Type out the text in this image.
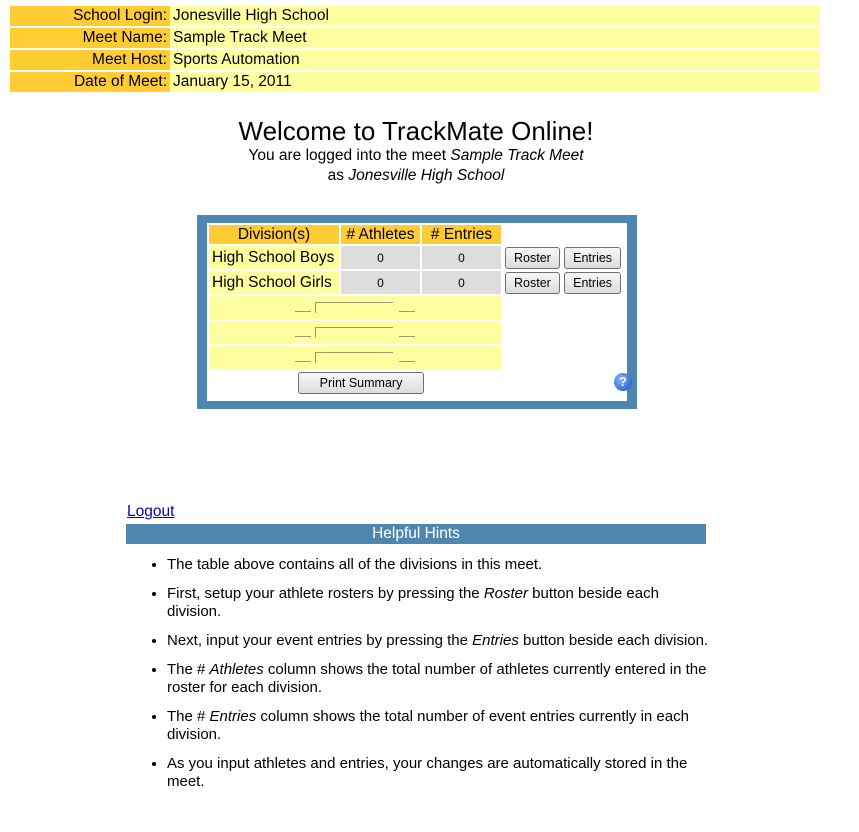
School Login:	Jonesville High School
Meet Name:	Sample Track Meet
Meet Host:	Sports Automation
Date of Meet:	January 15, 2011
Welcome to TrackMate Online!
You are logged into the meet Sample Track Meet
as Jonesville High School
Division(s)	# Athletes	# Entries	
High School Boys	0	0	Roster Entries
High School Girls	0	0	Roster Entries

Print Summary	?
Logout
Helpful Hints
• The table above contains all of the divisions in this meet.
• First, setup your athlete rosters by pressing the Roster button beside each division.
• Next, input your event entries by pressing the Entries button beside each division.
• The # Athletes column shows the total number of athletes currently entered in the roster for each division.
• The # Entries column shows the total number of event entries currently in each division.
• As you input athletes and entries, your changes are automatically stored in the meet.
